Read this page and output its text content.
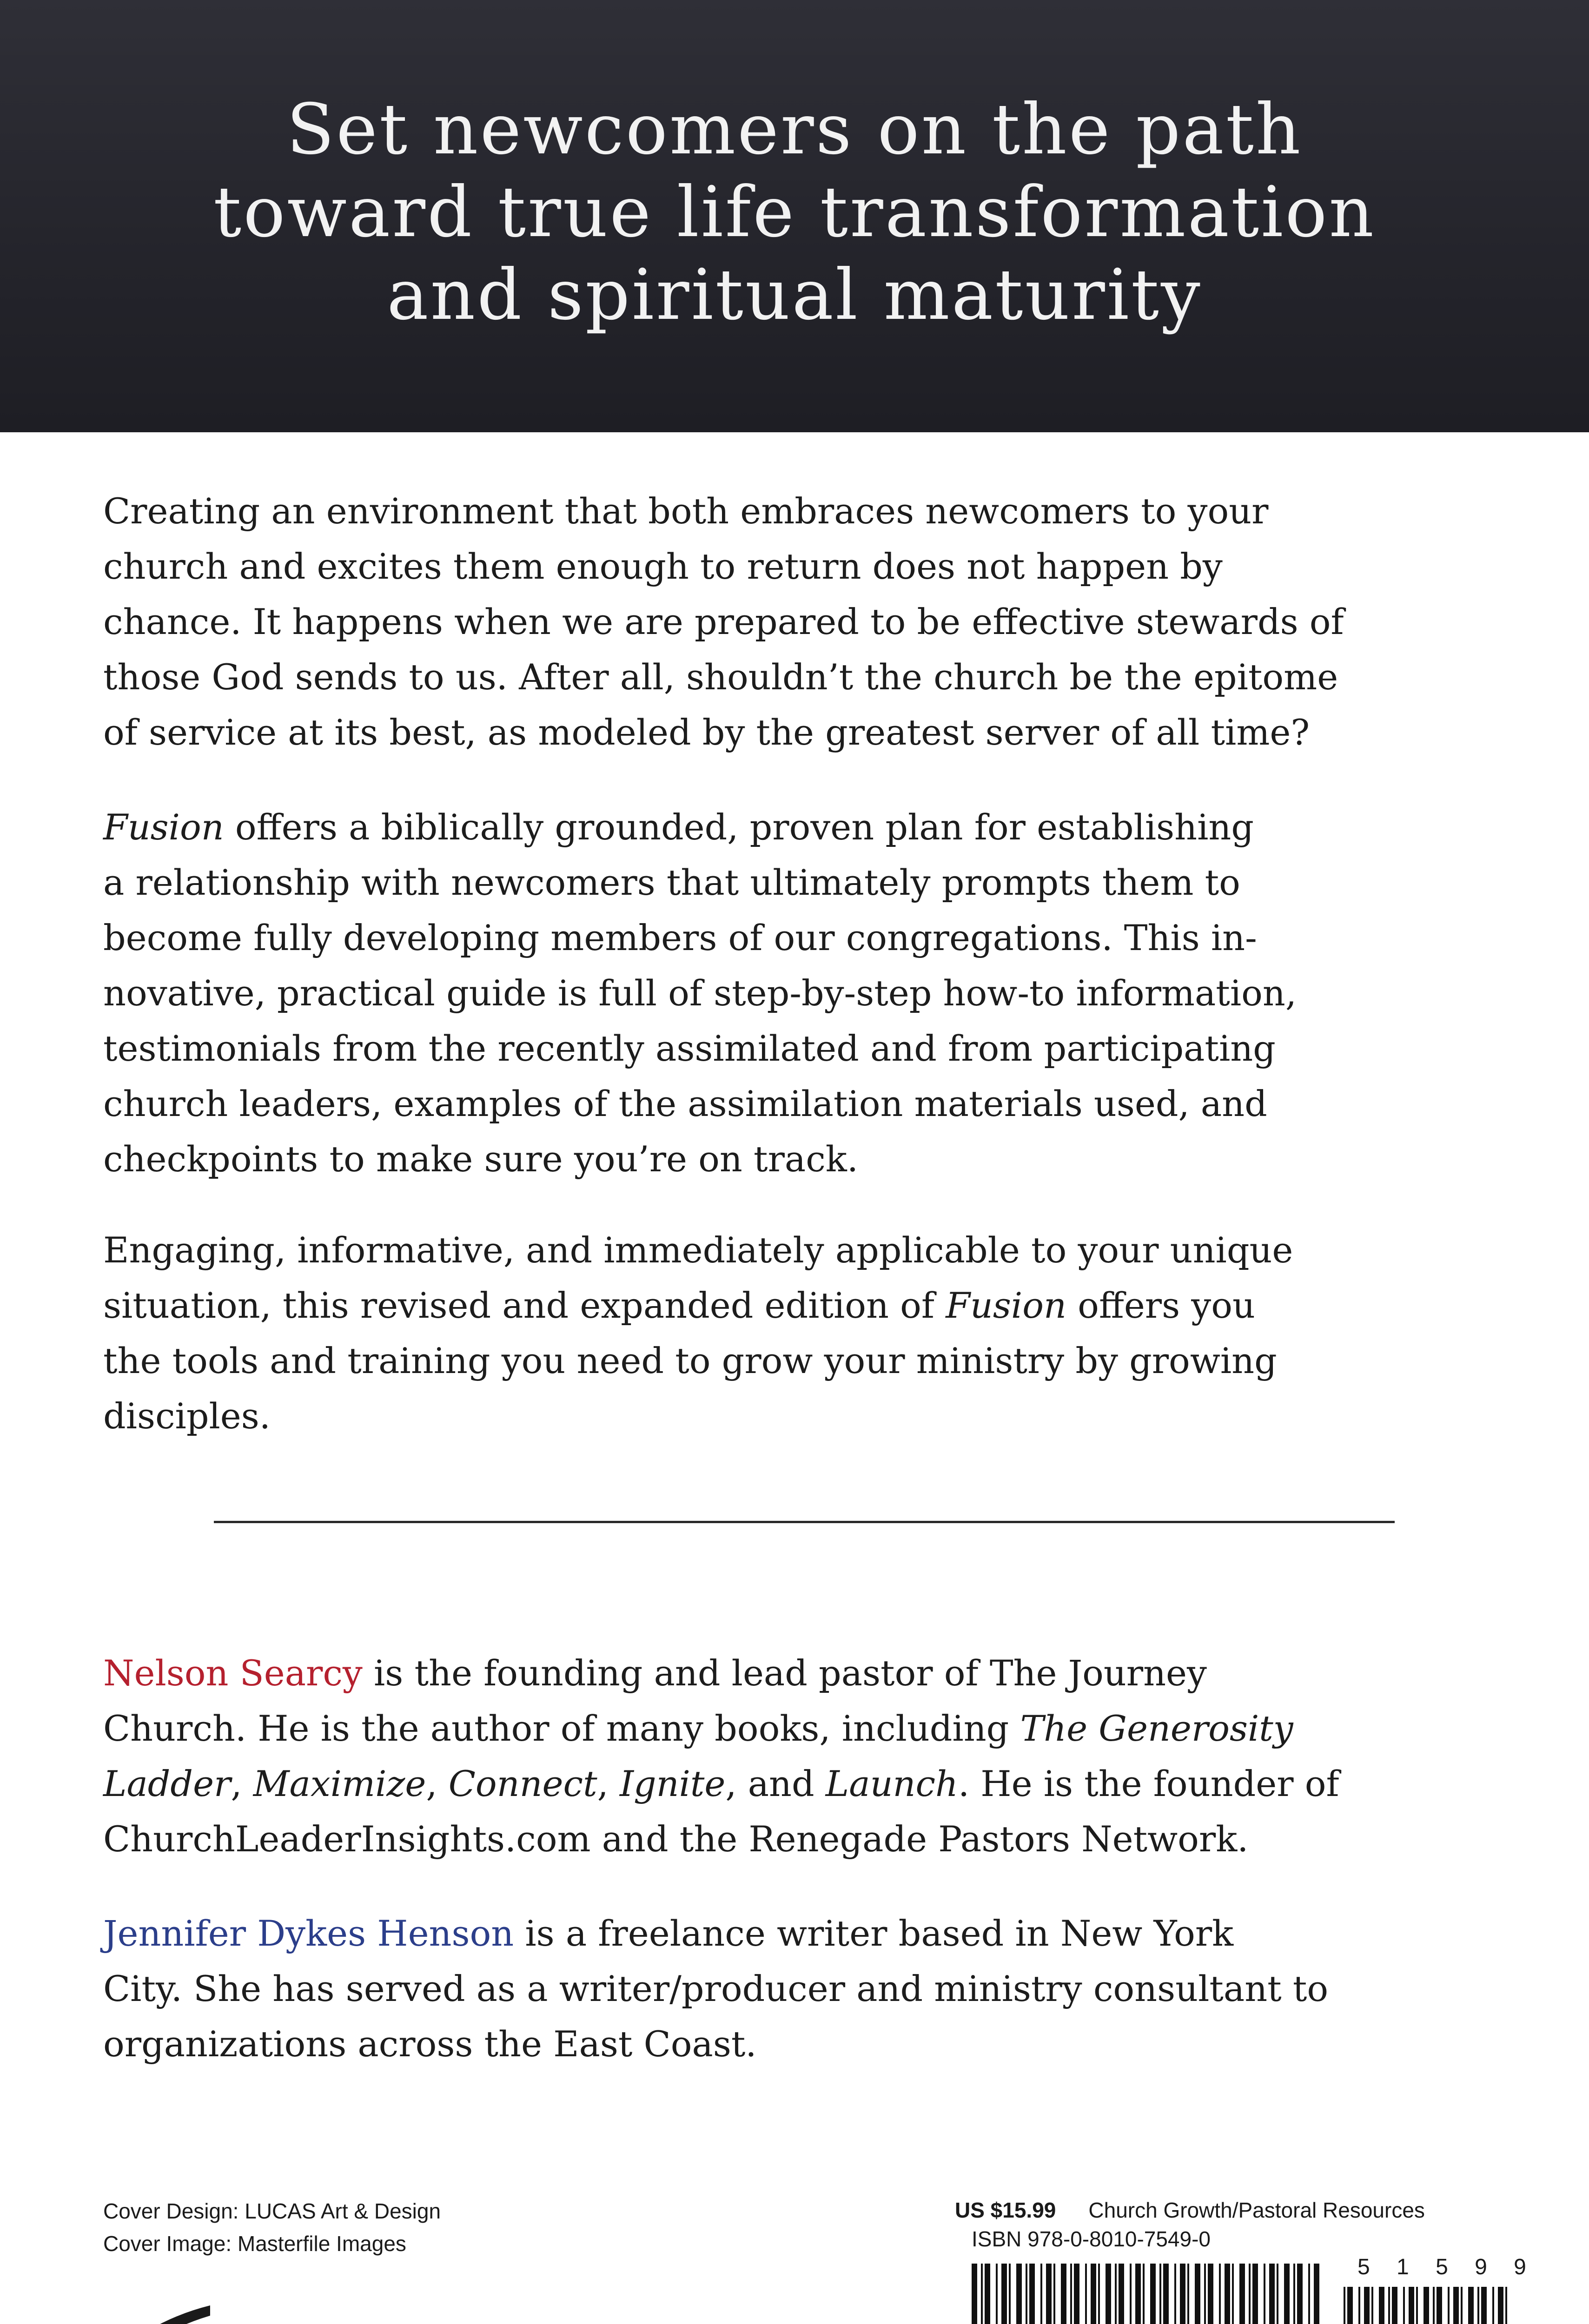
Set newcomers on the path
toward true life transformation
and spiritual maturity
Creating an environment that both embraces newcomers to your
church and excites them enough to return does not happen by
chance. It happens when we are prepared to be effective stewards of
those God sends to us. After all, shouldn’t the church be the epitome
of service at its best, as modeled by the greatest server of all time?
Fusion offers a biblically grounded, proven plan for establishing
a relationship with newcomers that ultimately prompts them to
become fully developing members of our congregations. This in-
novative, practical guide is full of step-by-step how-to information,
testimonials from the recently assimilated and from participating
church leaders, examples of the assimilation materials used, and
checkpoints to make sure you’re on track.
Engaging, informative, and immediately applicable to your unique
situation, this revised and expanded edition of Fusion offers you
the tools and training you need to grow your ministry by growing
disciples.
Nelson Searcy is the founding and lead pastor of The Journey
Church. He is the author of many books, including The Generosity
Ladder, Maximize, Connect, Ignite, and Launch. He is the founder of
ChurchLeaderInsights.com and the Renegade Pastors Network.
Jennifer Dykes Henson is a freelance writer based in New York
City. She has served as a writer/producer and ministry consultant to
organizations across the East Coast.
Cover Design: LUCAS Art & Design
Cover Image: Masterfile Images
US $15.99 Church Growth/Pastoral Resources
ISBN 978-0-8010-7549-0
5 1 5 9 9
